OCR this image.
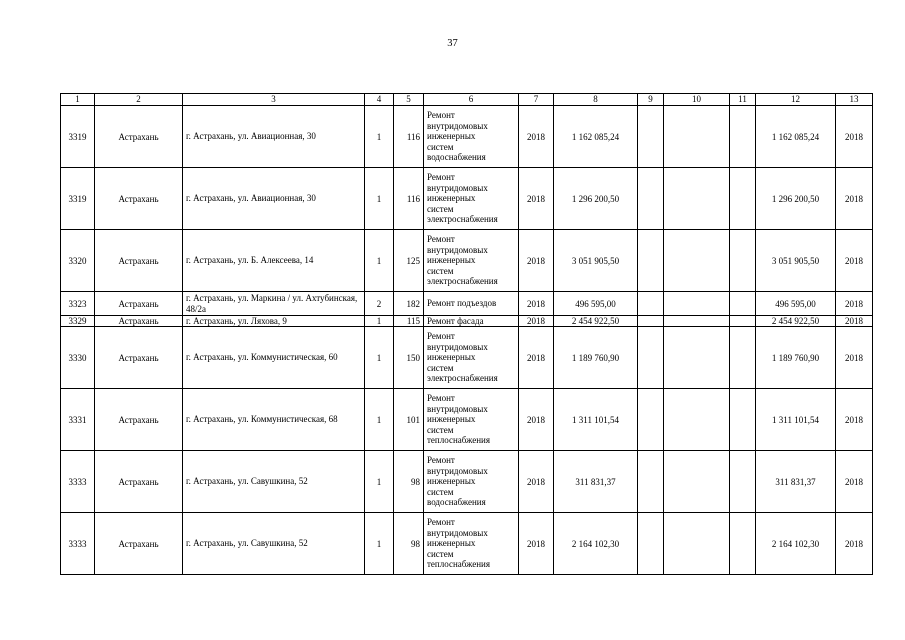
37
1	2	3	4	5	6	7	8	9	10	11	12	13
3319	Астрахань	г. Астрахань, ул. Авиационная, 30	1	116	Ремонт
внутридомовых
инженерных
систем
водоснабжения	2018	1 162 085,24				1 162 085,24	2018
3319	Астрахань	г. Астрахань, ул. Авиационная, 30	1	116	Ремонт
внутридомовых
инженерных
систем
электроснабжения	2018	1 296 200,50				1 296 200,50	2018
3320	Астрахань	г. Астрахань, ул. Б. Алексеева, 14	1	125	Ремонт
внутридомовых
инженерных
систем
электроснабжения	2018	3 051 905,50				3 051 905,50	2018
3323	Астрахань	г. Астрахань, ул. Маркина / ул. Ахтубинская, 48/2а	2	182	Ремонт подъездов	2018	496 595,00				496 595,00	2018
3329	Астрахань	г. Астрахань, ул. Ляхова, 9	1	115	Ремонт фасада	2018	2 454 922,50				2 454 922,50	2018
3330	Астрахань	г. Астрахань, ул. Коммунистическая, 60	1	150	Ремонт
внутридомовых
инженерных
систем
электроснабжения	2018	1 189 760,90				1 189 760,90	2018
3331	Астрахань	г. Астрахань, ул. Коммунистическая, 68	1	101	Ремонт
внутридомовых
инженерных
систем
теплоснабжения	2018	1 311 101,54				1 311 101,54	2018
3333	Астрахань	г. Астрахань, ул. Савушкина, 52	1	98	Ремонт
внутридомовых
инженерных
систем
водоснабжения	2018	311 831,37				311 831,37	2018
3333	Астрахань	г. Астрахань, ул. Савушкина, 52	1	98	Ремонт
внутридомовых
инженерных
систем
теплоснабжения	2018	2 164 102,30				2 164 102,30	2018
